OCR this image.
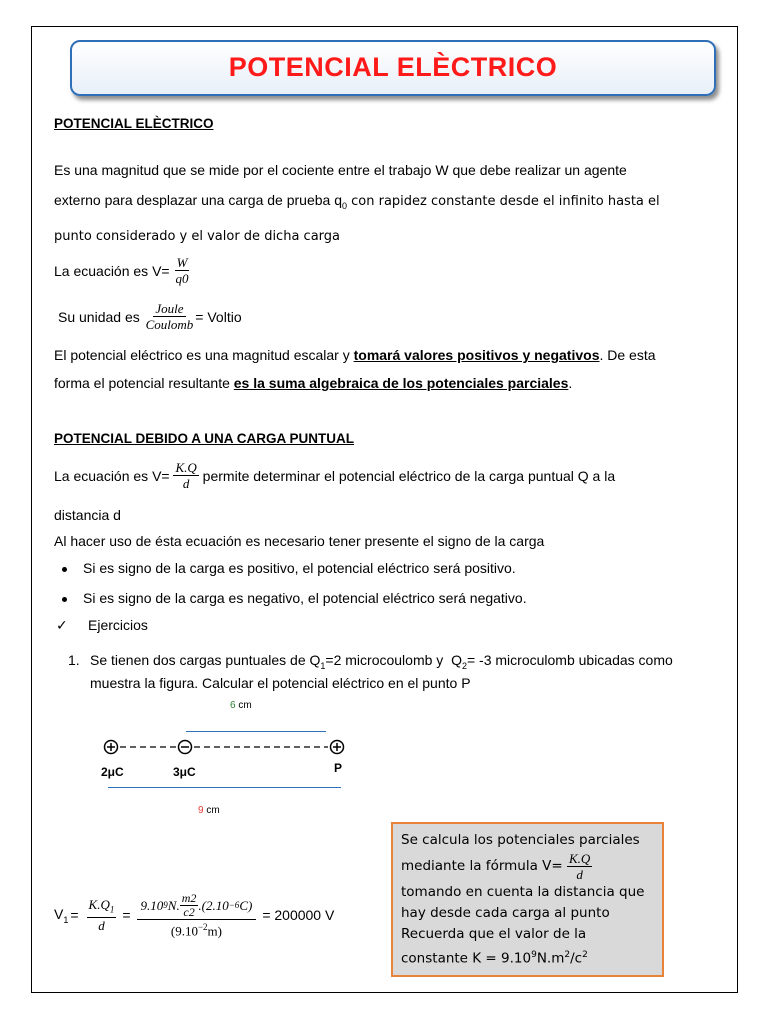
POTENCIAL ELÈCTRICO
POTENCIAL ELÈCTRICO
Es una magnitud que se mide por el cociente entre el trabajo W que debe realizar un agente
externo para desplazar una carga de prueba $q_0$ con rapidez constante desde el infinito hasta el
punto considerado y el valor de dicha carga
La ecuación es $V= \frac{W}{q0}$
Su unidad es $\frac{\text{Joule}}{\text{Coulomb}}$ = Voltio
El potencial eléctrico es una magnitud escalar y tomará valores positivos y negativos. De esta
forma el potencial resultante es la suma algebraica de los potenciales parciales.
POTENCIAL DEBIDO A UNA CARGA PUNTUAL
La ecuación es $V= \frac{K.Q}{d}$ permite determinar el potencial eléctrico de la carga puntual Q a la
distancia d
Al hacer uso de ésta ecuación es necesario tener presente el signo de la carga
Si es signo de la carga es positivo, el potencial eléctrico será positivo.
Si es signo de la carga es negativo, el potencial eléctrico será negativo.
✓ Ejercicios
1. Se tienen dos cargas puntuales de $Q_1=2$ microcoulomb y  $Q_2= -3$ microculomb ubicadas como
muestra la figura. Calcular el potencial eléctrico en el punto P
6 cm
2μC	3μC	P
9 cm
$V_1 = \frac{K.Q_1}{d} = \frac{9.10 9 N. \frac{m2}{c2} .(2.10 -6 C)}{(9.10^{-2}m)} = 200000$ V
Se calcula los potenciales parciales
mediante la fórmula $V= \frac{K.Q}{d}$
tomando en cuenta la distancia que
hay desde cada carga al punto
Recuerda que el valor de la
constante $K = 9.10^9N.m^2/c^2$
